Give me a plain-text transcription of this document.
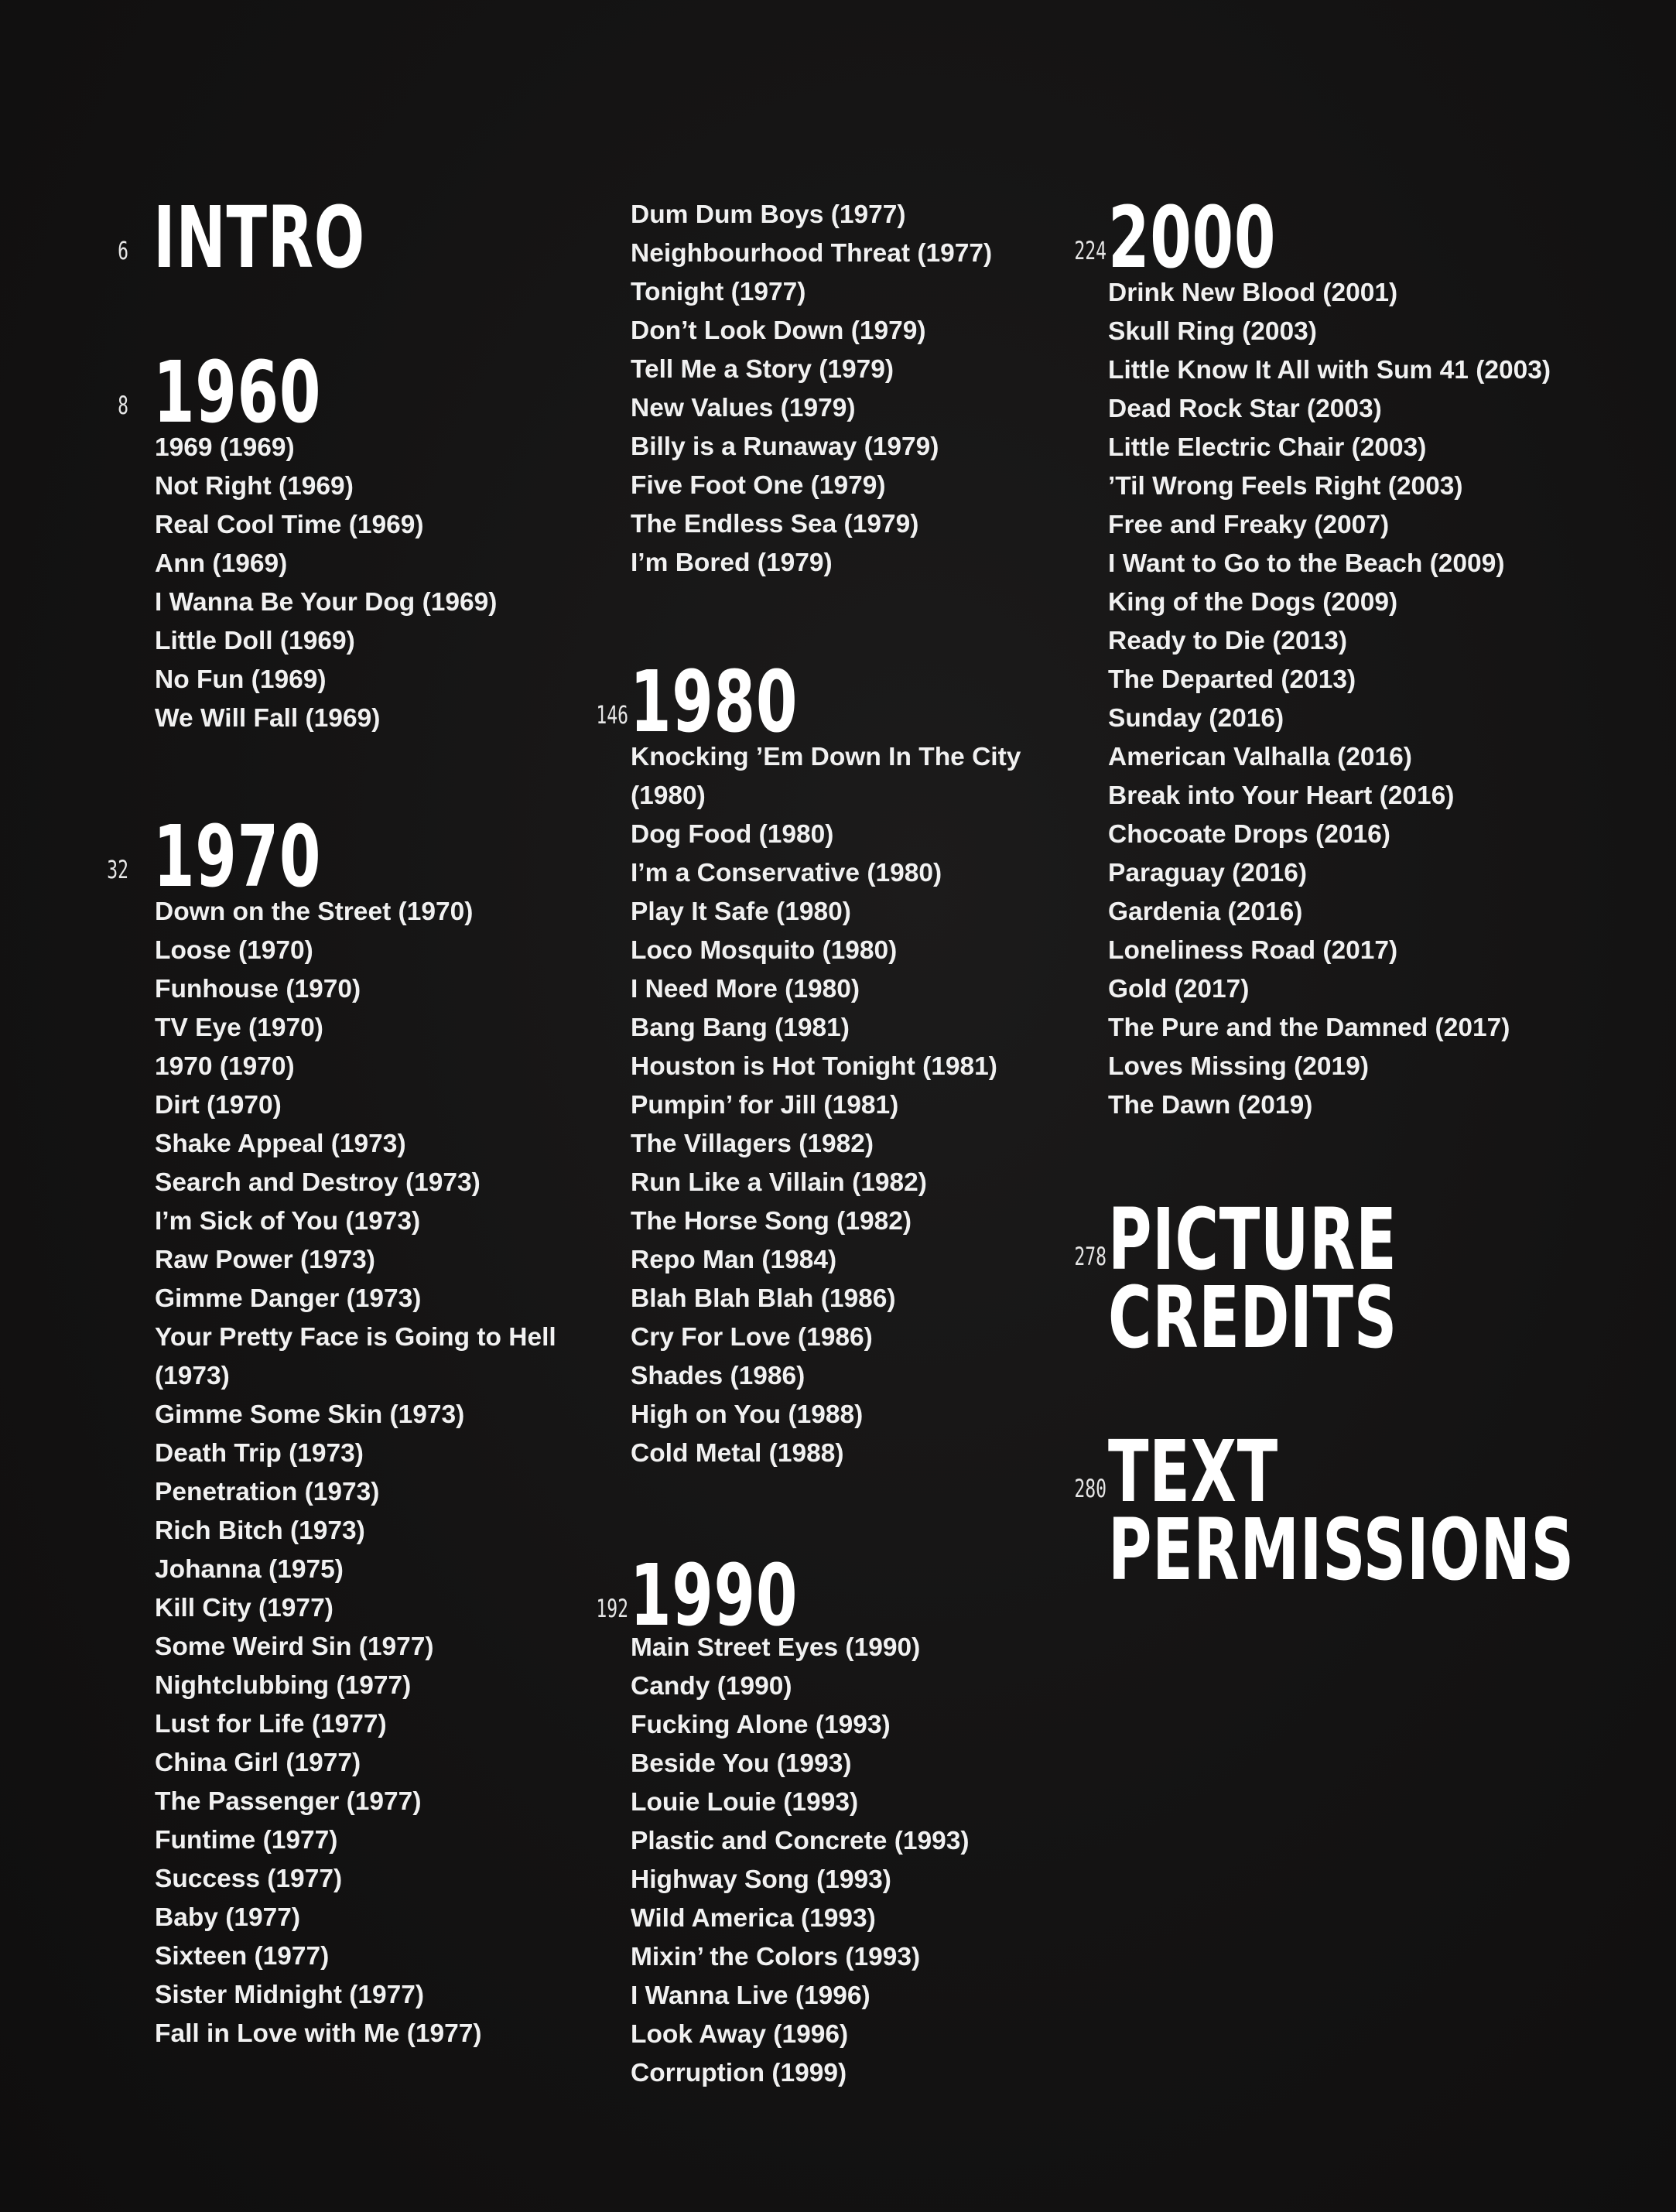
6 INTRO
8 1960
1969 (1969)
Not Right (1969)
Real Cool Time (1969)
Ann (1969)
I Wanna Be Your Dog (1969)
Little Doll (1969)
No Fun (1969)
We Will Fall (1969)
32 1970
Down on the Street (1970)
Loose (1970)
Funhouse (1970)
TV Eye (1970)
1970 (1970)
Dirt (1970)
Shake Appeal (1973)
Search and Destroy (1973)
I’m Sick of You (1973)
Raw Power (1973)
Gimme Danger (1973)
Your Pretty Face is Going to Hell
(1973)
Gimme Some Skin (1973)
Death Trip (1973)
Penetration (1973)
Rich Bitch (1973)
Johanna (1975)
Kill City (1977)
Some Weird Sin (1977)
Nightclubbing (1977)
Lust for Life (1977)
China Girl (1977)
The Passenger (1977)
Funtime (1977)
Success (1977)
Baby (1977)
Sixteen (1977)
Sister Midnight (1977)
Fall in Love with Me (1977)
Dum Dum Boys (1977)
Neighbourhood Threat (1977)
Tonight (1977)
Don’t Look Down (1979)
Tell Me a Story (1979)
New Values (1979)
Billy is a Runaway (1979)
Five Foot One (1979)
The Endless Sea (1979)
I’m Bored (1979)
146 1980
Knocking ’Em Down In The City
(1980)
Dog Food (1980)
I’m a Conservative (1980)
Play It Safe (1980)
Loco Mosquito (1980)
I Need More (1980)
Bang Bang (1981)
Houston is Hot Tonight (1981)
Pumpin’ for Jill (1981)
The Villagers (1982)
Run Like a Villain (1982)
The Horse Song (1982)
Repo Man (1984)
Blah Blah Blah (1986)
Cry For Love (1986)
Shades (1986)
High on You (1988)
Cold Metal (1988)
192 1990
Main Street Eyes (1990)
Candy (1990)
Fucking Alone (1993)
Beside You (1993)
Louie Louie (1993)
Plastic and Concrete (1993)
Highway Song (1993)
Wild America (1993)
Mixin’ the Colors (1993)
I Wanna Live (1996)
Look Away (1996)
Corruption (1999)
224 2000
Drink New Blood (2001)
Skull Ring (2003)
Little Know It All with Sum 41 (2003)
Dead Rock Star (2003)
Little Electric Chair (2003)
’Til Wrong Feels Right (2003)
Free and Freaky (2007)
I Want to Go to the Beach (2009)
King of the Dogs (2009)
Ready to Die (2013)
The Departed (2013)
Sunday (2016)
American Valhalla (2016)
Break into Your Heart (2016)
Chocoate Drops (2016)
Paraguay (2016)
Gardenia (2016)
Loneliness Road (2017)
Gold (2017)
The Pure and the Damned (2017)
Loves Missing (2019)
The Dawn (2019)
278 PICTURE
CREDITS
280 TEXT
PERMISSIONS
